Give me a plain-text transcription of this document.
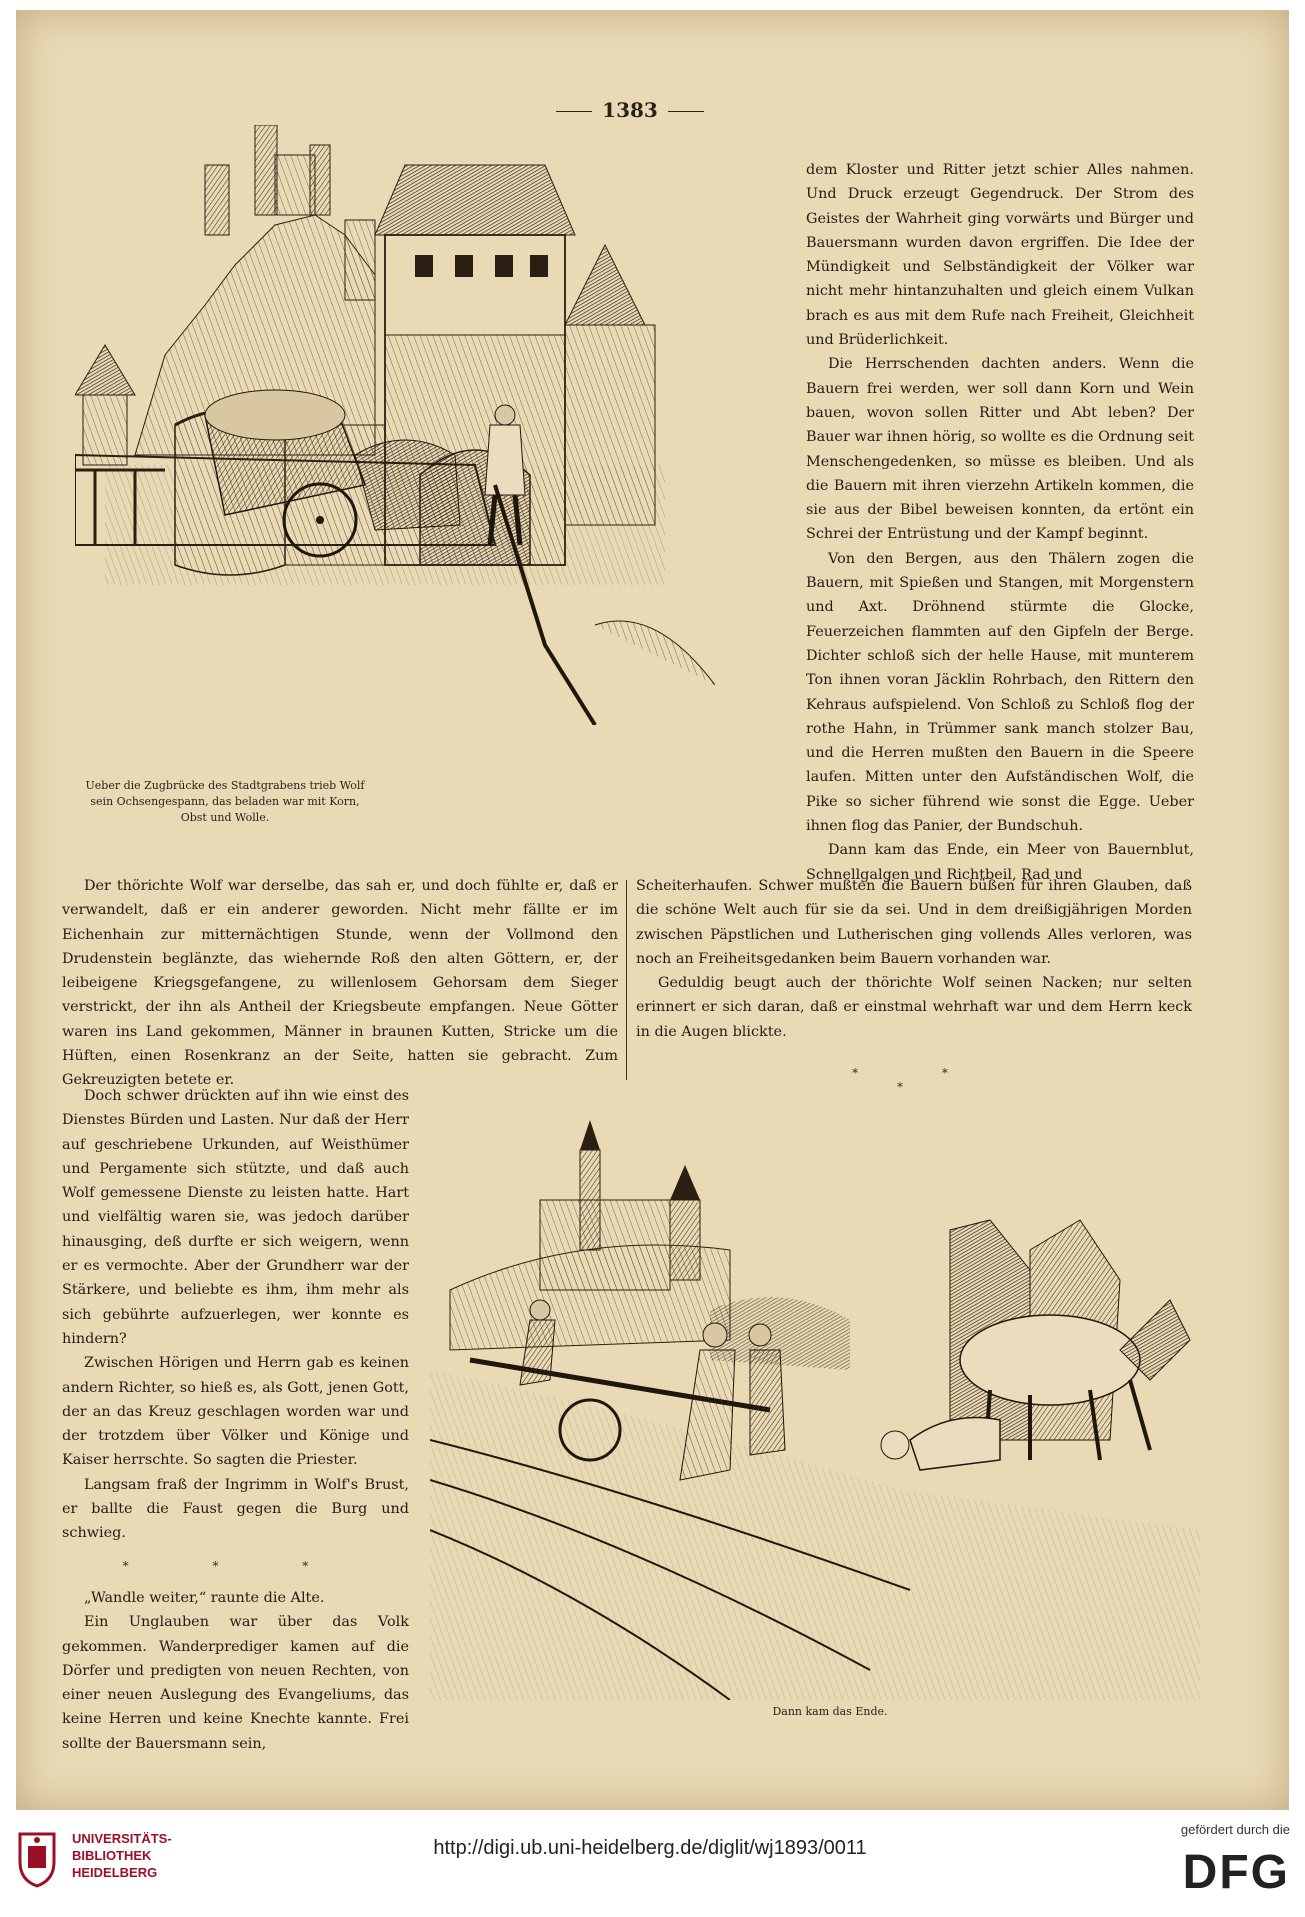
1383
Ueber die Zugbrücke des Stadtgrabens trieb Wolf sein Ochsengespann, das beladen war mit Korn, Obst und Wolle.

dem Kloster und Ritter jetzt schier Alles nahmen. Und Druck erzeugt Gegendruck. Der Strom des Geistes der Wahrheit ging vorwärts und Bürger und Bauersmann wurden davon ergriffen. Die Idee der Mündigkeit und Selbständigkeit der Völker war nicht mehr hintanzuhalten und gleich einem Vulkan brach es aus mit dem Rufe nach Freiheit, Gleichheit und Brüderlichkeit.

Die Herrschenden dachten anders. Wenn die Bauern frei werden, wer soll dann Korn und Wein bauen, wovon sollen Ritter und Abt leben? Der Bauer war ihnen hörig, so wollte es die Ordnung seit Menschengedenken, so müsse es bleiben. Und als die Bauern mit ihren vierzehn Artikeln kommen, die sie aus der Bibel beweisen konnten, da ertönt ein Schrei der Entrüstung und der Kampf beginnt.

Von den Bergen, aus den Thälern zogen die Bauern, mit Spießen und Stangen, mit Morgenstern und Axt. Dröhnend stürmte die Glocke, Feuerzeichen flammten auf den Gipfeln der Berge. Dichter schloß sich der helle Hause, mit munterem Ton ihnen voran Jäcklin Rohrbach, den Rittern den Kehraus aufspielend. Von Schloß zu Schloß flog der rothe Hahn, in Trümmer sank manch stolzer Bau, und die Herren mußten den Bauern in die Speere laufen. Mitten unter den Aufständischen Wolf, die Pike so sicher führend wie sonst die Egge. Ueber ihnen flog das Panier, der Bundschuh.

Dann kam das Ende, ein Meer von Bauernblut, Schnellgalgen und Richtbeil, Rad und

Der thörichte Wolf war derselbe, das sah er, und doch fühlte er, daß er verwandelt, daß er ein anderer geworden. Nicht mehr fällte er im Eichenhain zur mitternächtigen Stunde, wenn der Vollmond den Drudenstein beglänzte, das wiehernde Roß den alten Göttern, er, der leibeigene Kriegsgefangene, zu willenlosem Gehorsam dem Sieger verstrickt, der ihn als Antheil der Kriegsbeute empfangen. Neue Götter waren ins Land gekommen, Männer in braunen Kutten, Stricke um die Hüften, einen Rosenkranz an der Seite, hatten sie gebracht. Zum Gekreuzigten betete er.

Scheiterhaufen. Schwer mußten die Bauern büßen für ihren Glauben, daß die schöne Welt auch für sie da sei. Und in dem dreißigjährigen Morden zwischen Päpstlichen und Lutherischen ging vollends Alles verloren, was noch an Freiheitsgedanken beim Bauern vorhanden war.

Geduldig beugt auch der thörichte Wolf seinen Nacken; nur selten erinnert er sich daran, daß er einstmal wehrhaft war und dem Herrn keck in die Augen blickte.

* * *

Doch schwer drückten auf ihn wie einst des Dienstes Bürden und Lasten. Nur daß der Herr auf geschriebene Urkunden, auf Weisthümer und Pergamente sich stützte, und daß auch Wolf gemessene Dienste zu leisten hatte. Hart und vielfältig waren sie, was jedoch darüber hinausging, deß durfte er sich weigern, wenn er es vermochte. Aber der Grundherr war der Stärkere, und beliebte es ihm, ihm mehr als sich gebührte aufzuerlegen, wer konnte es hindern?

Zwischen Hörigen und Herrn gab es keinen andern Richter, so hieß es, als Gott, jenen Gott, der an das Kreuz geschlagen worden war und der trotzdem über Völker und Könige und Kaiser herrschte. So sagten die Priester.

Langsam fraß der Ingrimm in Wolf's Brust, er ballte die Faust gegen die Burg und schwieg.

* * *

„Wandle weiter,“ raunte die Alte.

Ein Unglauben war über das Volk gekommen. Wanderprediger kamen auf die Dörfer und predigten von neuen Rechten, von einer neuen Auslegung des Evangeliums, das keine Herren und keine Knechte kannte. Frei sollte der Bauersmann sein,

Dann kam das Ende.
UNIVERSITÄTS-
BIBLIOTHEK
HEIDELBERG
http://digi.ub.uni-heidelberg.de/diglit/wj1893/0011
gefördert durch die
DFG
